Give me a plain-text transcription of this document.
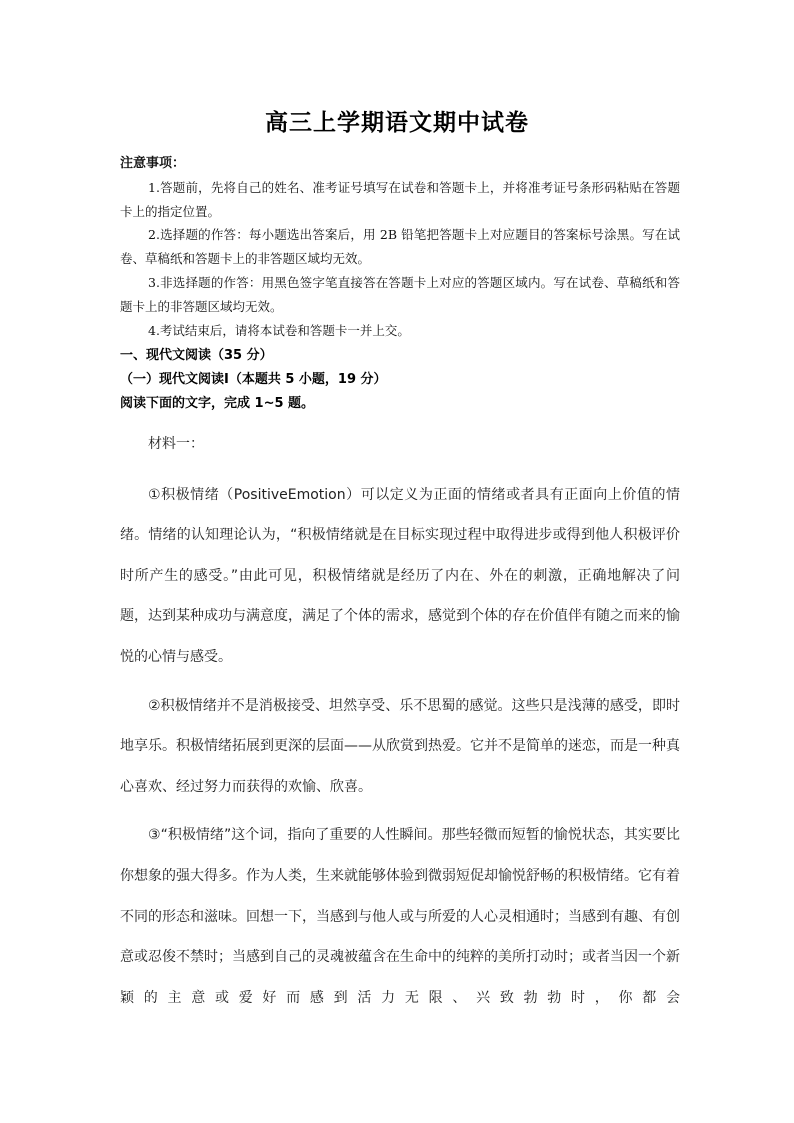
高三上学期语文期中试卷
注意事项：

1.答题前，先将自己的姓名、准考证号填写在试卷和答题卡上，并将准考证号条形码粘贴在答题卡上的指定位置。

2.选择题的作答：每小题选出答案后，用 2B 铅笔把答题卡上对应题目的答案标号涂黑。写在试卷、草稿纸和答题卡上的非答题区域均无效。

3.非选择题的作答：用黑色签字笔直接答在答题卡上对应的答题区域内。写在试卷、草稿纸和答题卡上的非答题区域均无效。

4.考试结束后，请将本试卷和答题卡一并上交。

一、现代文阅读（35 分）
（一）现代文阅读Ⅰ（本题共 5 小题，19 分）
阅读下面的文字，完成 1~5 题。
材料一：

①积极情绪（PositiveEmotion）可以定义为正面的情绪或者具有正面向上价值的情绪。情绪的认知理论认为，“积极情绪就是在目标实现过程中取得进步或得到他人积极评价时所产生的感受。”由此可见，积极情绪就是经历了内在、外在的刺激，正确地解决了问题，达到某种成功与满意度，满足了个体的需求，感觉到个体的存在价值伴有随之而来的愉悦的心情与感受。

②积极情绪并不是消极接受、坦然享受、乐不思蜀的感觉。这些只是浅薄的感受，即时地享乐。积极情绪拓展到更深的层面——从欣赏到热爱。它并不是简单的迷恋，而是一种真心喜欢、经过努力而获得的欢愉、欣喜。

③“积极情绪”这个词，指向了重要的人性瞬间。那些轻微而短暂的愉悦状态，其实要比你想象的强大得多。作为人类，生来就能够体验到微弱短促却愉悦舒畅的积极情绪。它有着不同的形态和滋味。回想一下，当感到与他人或与所爱的人心灵相通时；当感到有趣、有创意或忍俊不禁时；当感到自己的灵魂被蕴含在生命中的纯粹的美所打动时；或者当因一个新颖的主意或爱好而感到活力无限、兴致勃勃时，你都会
